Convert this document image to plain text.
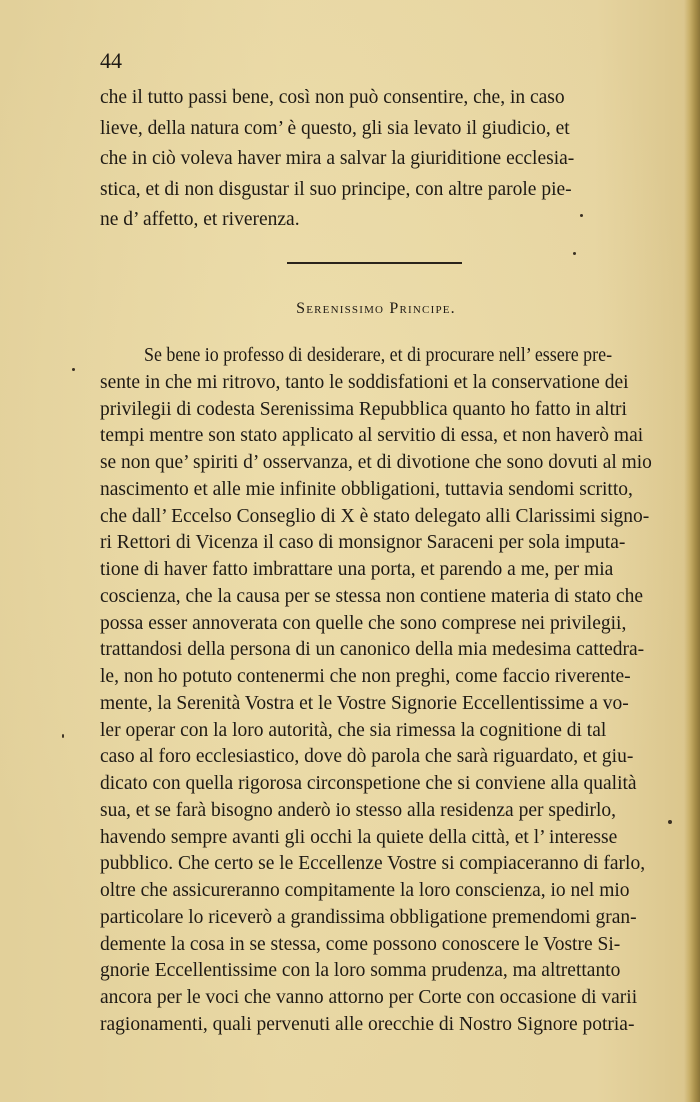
44
che il tutto passi bene, così non può consentire, che, in caso
lieve, della natura com’ è questo, gli sia levato il giudicio, et
che in ciò voleva haver mira a salvar la giuriditione ecclesia-
stica, et di non disgustar il suo principe, con altre parole pie-
ne d’ affetto, et riverenza.
Serenissimo Principe.
Se bene io professo di desiderare, et di procurare nell’ essere pre-
sente in che mi ritrovo, tanto le soddisfationi et la conservatione dei
privilegii di codesta Serenissima Repubblica quanto ho fatto in altri
tempi mentre son stato applicato al servitio di essa, et non haverò mai
se non que’ spiriti d’ osservanza, et di divotione che sono dovuti al mio
nascimento et alle mie infinite obbligationi, tuttavia sendomi scritto,
che dall’ Eccelso Conseglio di X è stato delegato alli Clarissimi signo-
ri Rettori di Vicenza il caso di monsignor Saraceni per sola imputa-
tione di haver fatto imbrattare una porta, et parendo a me, per mia
coscienza, che la causa per se stessa non contiene materia di stato che
possa esser annoverata con quelle che sono comprese nei privilegii,
trattandosi della persona di un canonico della mia medesima cattedra-
le, non ho potuto contenermi che non preghi, come faccio riverente-
mente, la Serenità Vostra et le Vostre Signorie Eccellentissime a vo-
ler operar con la loro autorità, che sia rimessa la cognitione di tal
caso al foro ecclesiastico, dove dò parola che sarà riguardato, et giu-
dicato con quella rigorosa circonspetione che si conviene alla qualità
sua, et se farà bisogno anderò io stesso alla residenza per spedirlo,
havendo sempre avanti gli occhi la quiete della città, et l’ interesse
pubblico. Che certo se le Eccellenze Vostre si compiaceranno di farlo,
oltre che assicureranno compitamente la loro conscienza, io nel mio
particolare lo riceverò a grandissima obbligatione premendomi gran-
demente la cosa in se stessa, come possono conoscere le Vostre Si-
gnorie Eccellentissime con la loro somma prudenza, ma altrettanto
ancora per le voci che vanno attorno per Corte con occasione di varii
ragionamenti, quali pervenuti alle orecchie di Nostro Signore potria-
